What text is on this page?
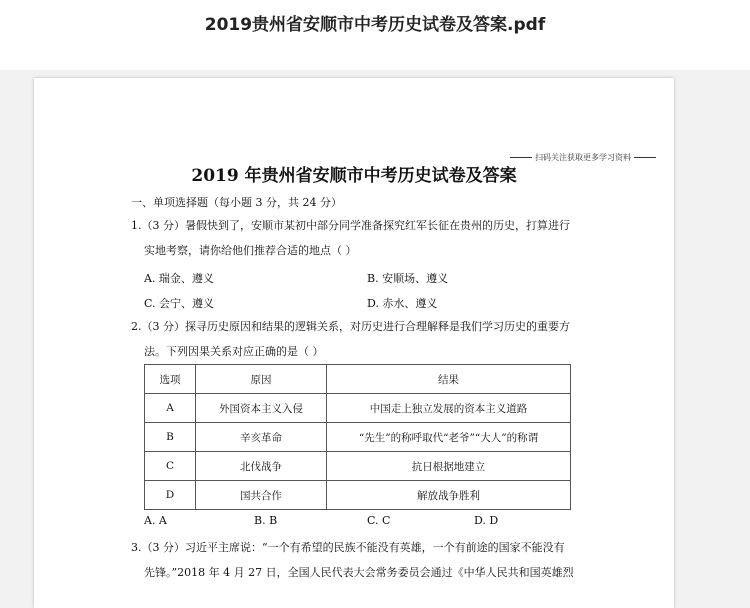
2019贵州省安顺市中考历史试卷及答案.pdf
扫码关注获取更多学习资料
2019 年贵州省安顺市中考历史试卷及答案
一、单项选择题（每小题 3 分，共 24 分）
1.（3 分）暑假快到了，安顺市某初中部分同学准备探究红军长征在贵州的历史，打算进行
实地考察，请你给他们推荐合适的地点（ ）
A. 瑞金、遵义	B. 安顺场、遵义
C. 会宁、遵义	D. 赤水、遵义
2.（3 分）探寻历史原因和结果的逻辑关系，对历史进行合理解释是我们学习历史的重要方
法。下列因果关系对应正确的是（ ）
选项	原因	结果
A	外国资本主义入侵	中国走上独立发展的资本主义道路
B	辛亥革命	“先生”的称呼取代“老爷”“大人”的称谓
C	北伐战争	抗日根据地建立
D	国共合作	解放战争胜利
A. A	B. B	C. C	D. D
3.（3 分）习近平主席说：“一个有希望的民族不能没有英雄，一个有前途的国家不能没有
先锋。”2018 年 4 月 27 日，全国人民代表大会常务委员会通过《中华人民共和国英雄烈
